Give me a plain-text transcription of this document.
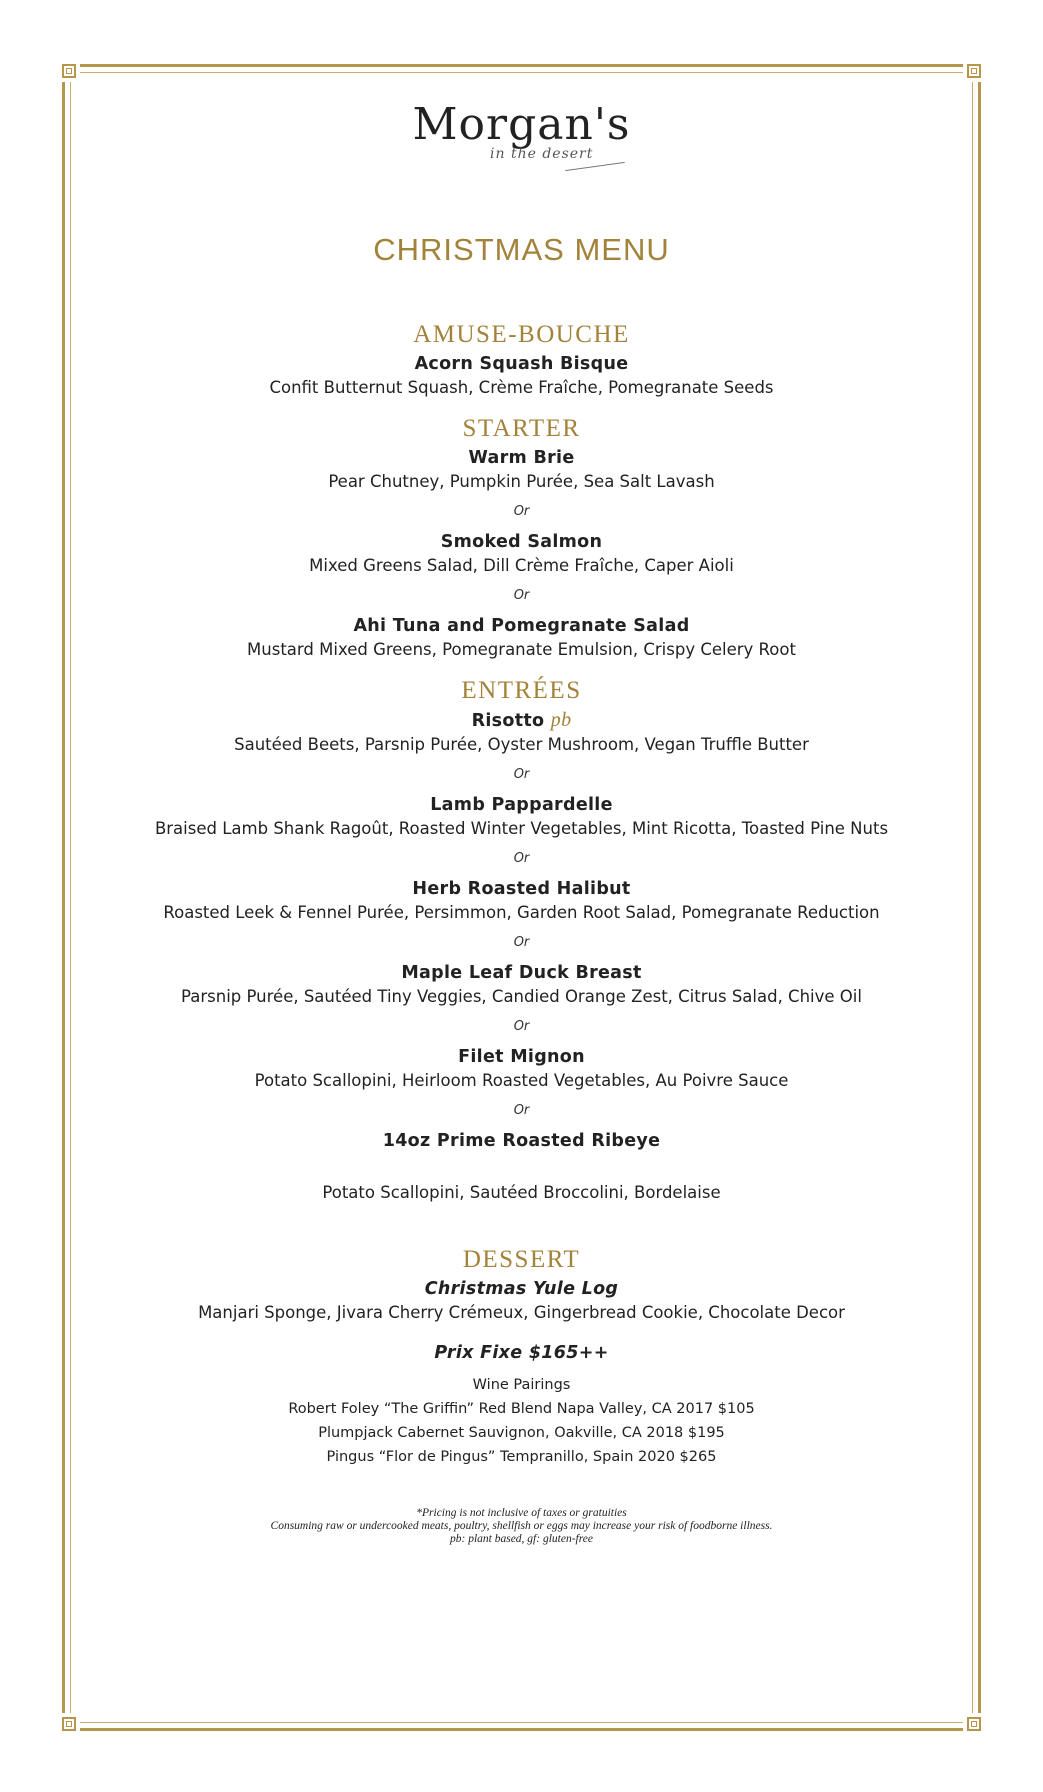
Morgan's
in the desert
CHRISTMAS MENU
AMUSE-BOUCHE
Acorn Squash Bisque
Confit Butternut Squash, Crème Fraîche, Pomegranate Seeds
STARTER
Warm Brie
Pear Chutney, Pumpkin Purée, Sea Salt Lavash
Or
Smoked Salmon
Mixed Greens Salad, Dill Crème Fraîche, Caper Aioli
Or
Ahi Tuna and Pomegranate Salad
Mustard Mixed Greens, Pomegranate Emulsion, Crispy Celery Root
ENTRÉES
Risotto pb
Sautéed Beets, Parsnip Purée, Oyster Mushroom, Vegan Truffle Butter
Or
Lamb Pappardelle
Braised Lamb Shank Ragoût, Roasted Winter Vegetables, Mint Ricotta, Toasted Pine Nuts
Or
Herb Roasted Halibut
Roasted Leek & Fennel Purée, Persimmon, Garden Root Salad, Pomegranate Reduction
Or
Maple Leaf Duck Breast
Parsnip Purée, Sautéed Tiny Veggies, Candied Orange Zest, Citrus Salad, Chive Oil
Or
Filet Mignon
Potato Scallopini, Heirloom Roasted Vegetables, Au Poivre Sauce
Or
14oz Prime Roasted Ribeye
Potato Scallopini, Sautéed Broccolini, Bordelaise
DESSERT
Christmas Yule Log
Manjari Sponge, Jivara Cherry Crémeux, Gingerbread Cookie, Chocolate Decor
Prix Fixe $165++
Wine Pairings
Robert Foley “The Griffin” Red Blend Napa Valley, CA 2017 $105
Plumpjack Cabernet Sauvignon, Oakville, CA 2018 $195
Pingus “Flor de Pingus” Tempranillo, Spain 2020 $265
*Pricing is not inclusive of taxes or gratuities
Consuming raw or undercooked meats, poultry, shellfish or eggs may increase your risk of foodborne illness.
pb: plant based, gf: gluten-free
